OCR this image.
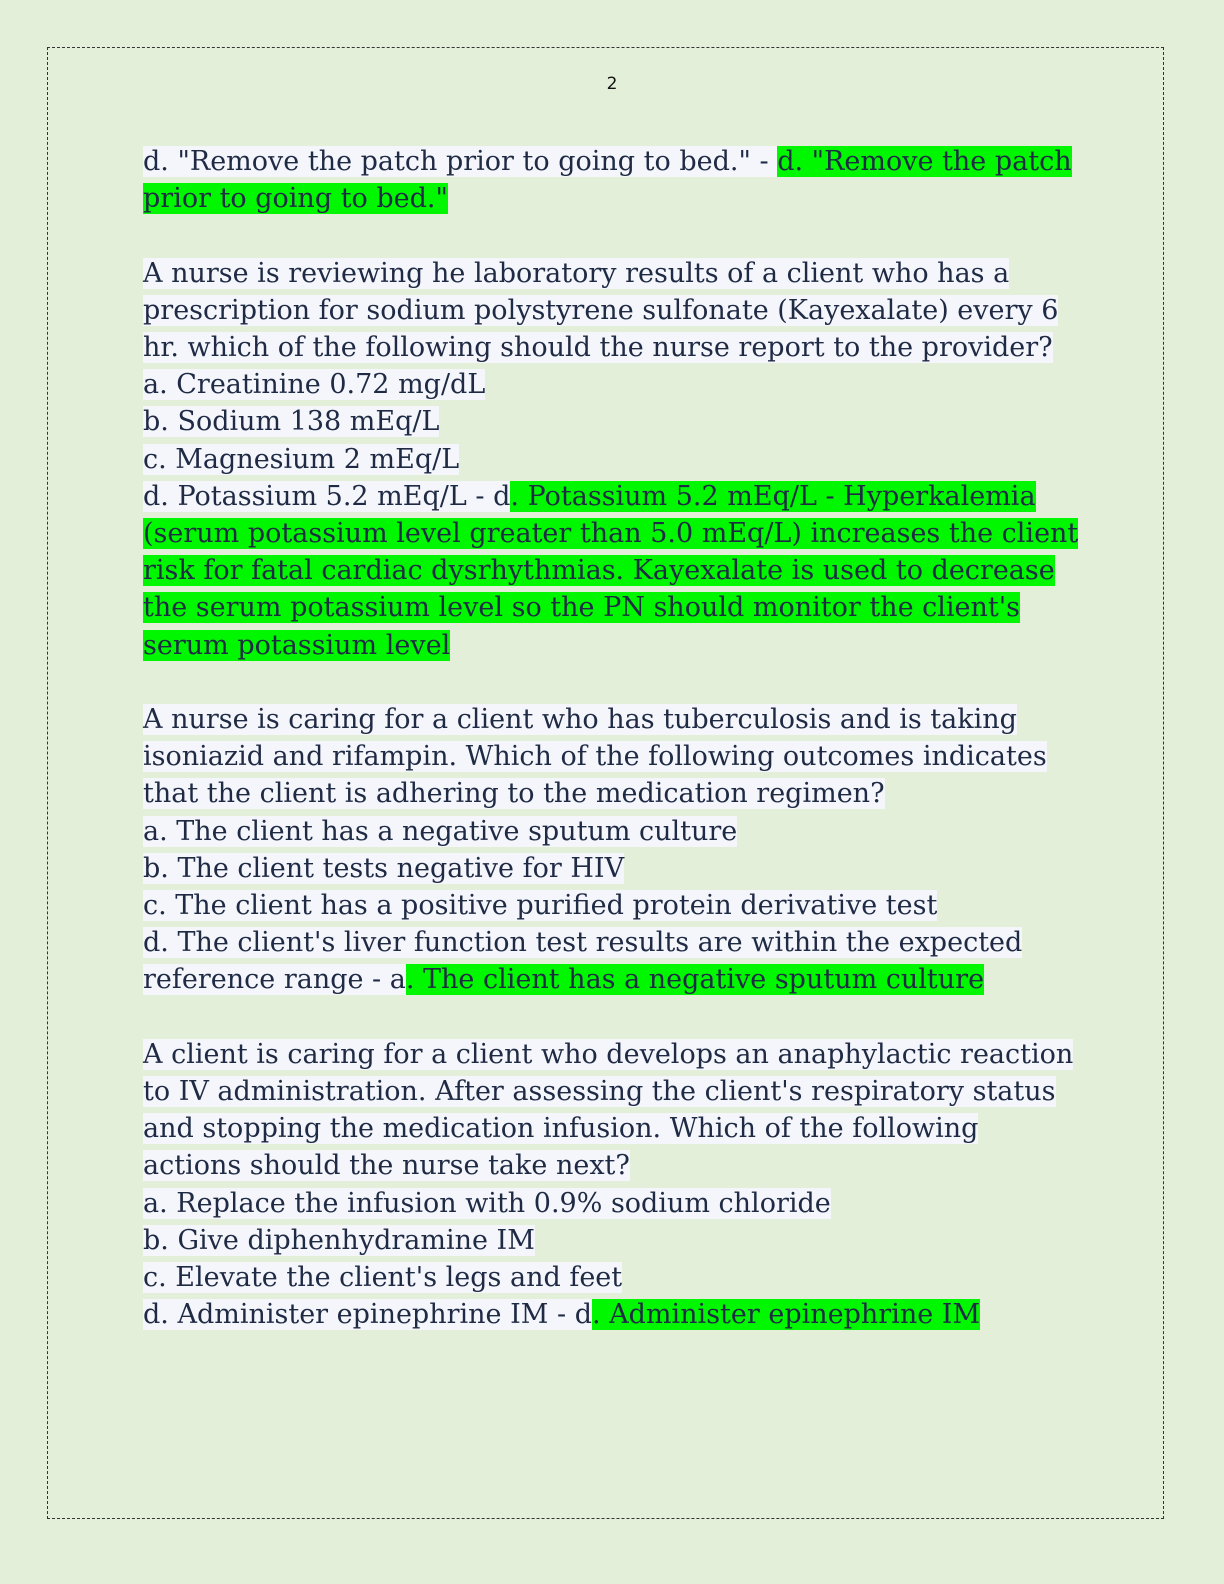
2
d. "Remove the patch prior to going to bed." - d. "Remove the patch prior to going to bed."
A nurse is reviewing he laboratory results of a client who has a prescription for sodium polystyrene sulfonate (Kayexalate) every 6 hr. which of the following should the nurse report to the provider?
a. Creatinine 0.72 mg/dL
b. Sodium 138 mEq/L
c. Magnesium 2 mEq/L
d. Potassium 5.2 mEq/L - d. Potassium 5.2 mEq/L - Hyperkalemia (serum potassium level greater than 5.0 mEq/L) increases the client risk for fatal cardiac dysrhythmias. Kayexalate is used to decrease the serum potassium level so the PN should monitor the client's serum potassium level
A nurse is caring for a client who has tuberculosis and is taking isoniazid and rifampin. Which of the following outcomes indicates that the client is adhering to the medication regimen?
a. The client has a negative sputum culture
b. The client tests negative for HIV
c. The client has a positive purified protein derivative test
d. The client's liver function test results are within the expected reference range - a. The client has a negative sputum culture
A client is caring for a client who develops an anaphylactic reaction to IV administration. After assessing the client's respiratory status and stopping the medication infusion. Which of the following actions should the nurse take next?
a. Replace the infusion with 0.9% sodium chloride
b. Give diphenhydramine IM
c. Elevate the client's legs and feet
d. Administer epinephrine IM - d. Administer epinephrine IM
